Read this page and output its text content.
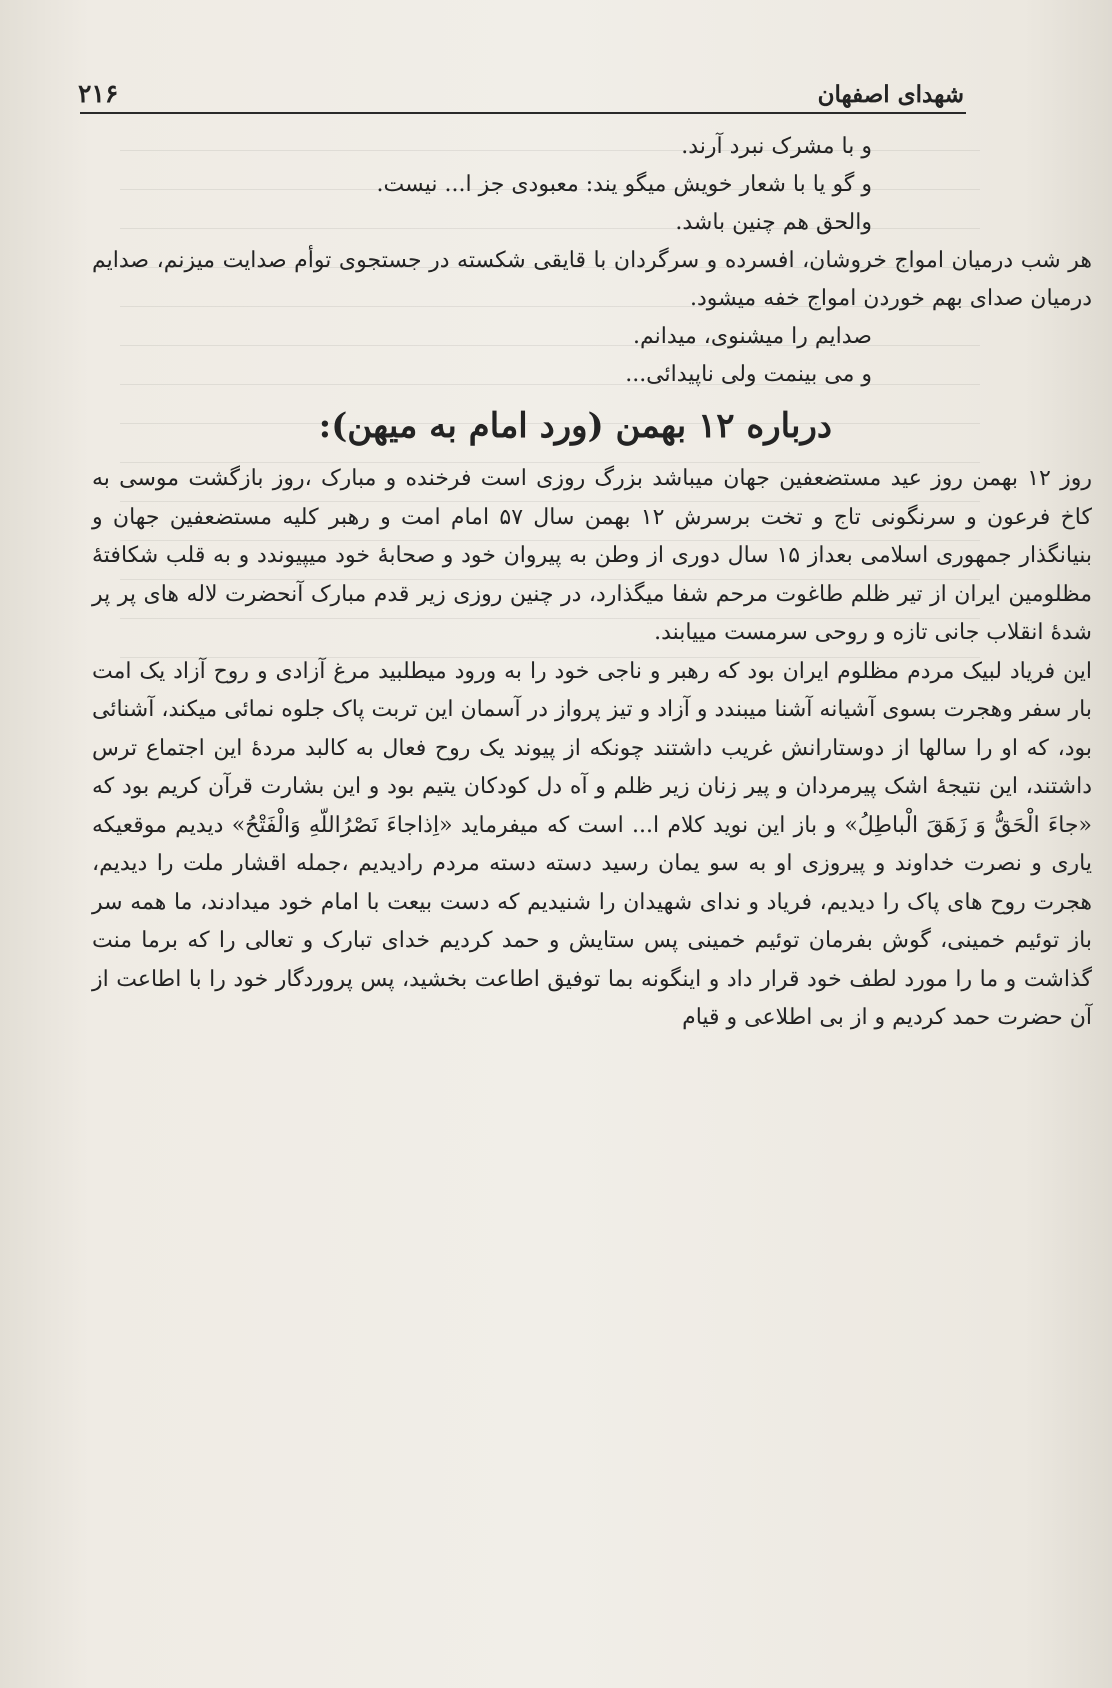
شهدای اصفهان
۲۱۶

و با مشرک نبرد آرند.

و گو یا با شعار خویش میگو یند: معبودی جز ا... نیست.

والحق هم چنین باشد.

هر شب درمیان امواج خروشان، افسرده و سرگردان با قایقی شکسته در جستجوی توأم صدایت میزنم، صدایم درمیان صدای بهم خوردن امواج خفه میشود.

صدایم را میشنوی، میدانم.

و می بینمت ولی ناپیدائی...

درباره ۱۲ بهمن (ورد امام به میهن):

روز ۱۲ بهمن روز عید مستضعفین جهان میباشد بزرگ روزی است فرخنده و مبارک ،روز بازگشت موسی به کاخ فرعون و سرنگونی تاج و تخت برسرش ۱۲ بهمن سال ۵۷ امام امت و رهبر کلیه مستضعفین جهان و بنیانگذار جمهوری اسلامی بعداز ۱۵ سال دوری از وطن به پیروان خود و صحابهٔ خود میپیوندد و به قلب شکافتهٔ مظلومین ایران از تیر ظلم طاغوت مرحم شفا میگذارد، در چنین روزی زیر قدم مبارک آنحضرت لاله های پر پر شدهٔ انقلاب جانی تازه و روحی سرمست مییابند.

این فریاد لبیک مردم مظلوم ایران بود که رهبر و ناجی خود را به ورود میطلبید مرغ آزادی و روح آزاد یک امت بار سفر وهجرت بسوی آشیانه آشنا میبندد و آزاد و تیز پرواز در آسمان این تربت پاک جلوه نمائی میکند، آشنائی بود، که او را سالها از دوستارانش غریب داشتند چونکه از پیوند یک روح فعال به کالبد مردهٔ این اجتماع ترس داشتند، این نتیجهٔ اشک پیرمردان و پیر زنان زیر ظلم و آه دل کودکان یتیم بود و این بشارت قرآن کریم بود که «جاءَ الْحَقُّ وَ زَهَقَ الْباطِلُ» و باز این نوید کلام ا... است که میفرماید «اِذاجاءَ نَصْرُاللّهِ وَالْفَتْحُ» دیدیم موقعیکه یاری و نصرت خداوند و پیروزی او به سو یمان رسید دسته دسته مردم رادیدیم ،جمله اقشار ملت را دیدیم، هجرت روح های پاک را دیدیم، فریاد و ندای شهیدان را شنیدیم که دست بیعت با امام خود میدادند، ما همه سر باز توئیم خمینی، گوش بفرمان توئیم خمینی پس ستایش و حمد کردیم خدای تبارک و تعالی را که برما منت گذاشت و ما را مورد لطف خود قرار داد و اینگونه بما توفیق اطاعت بخشید، پس پروردگار خود را با اطاعت از آن حضرت حمد کردیم و از بی اطلاعی و قیام
